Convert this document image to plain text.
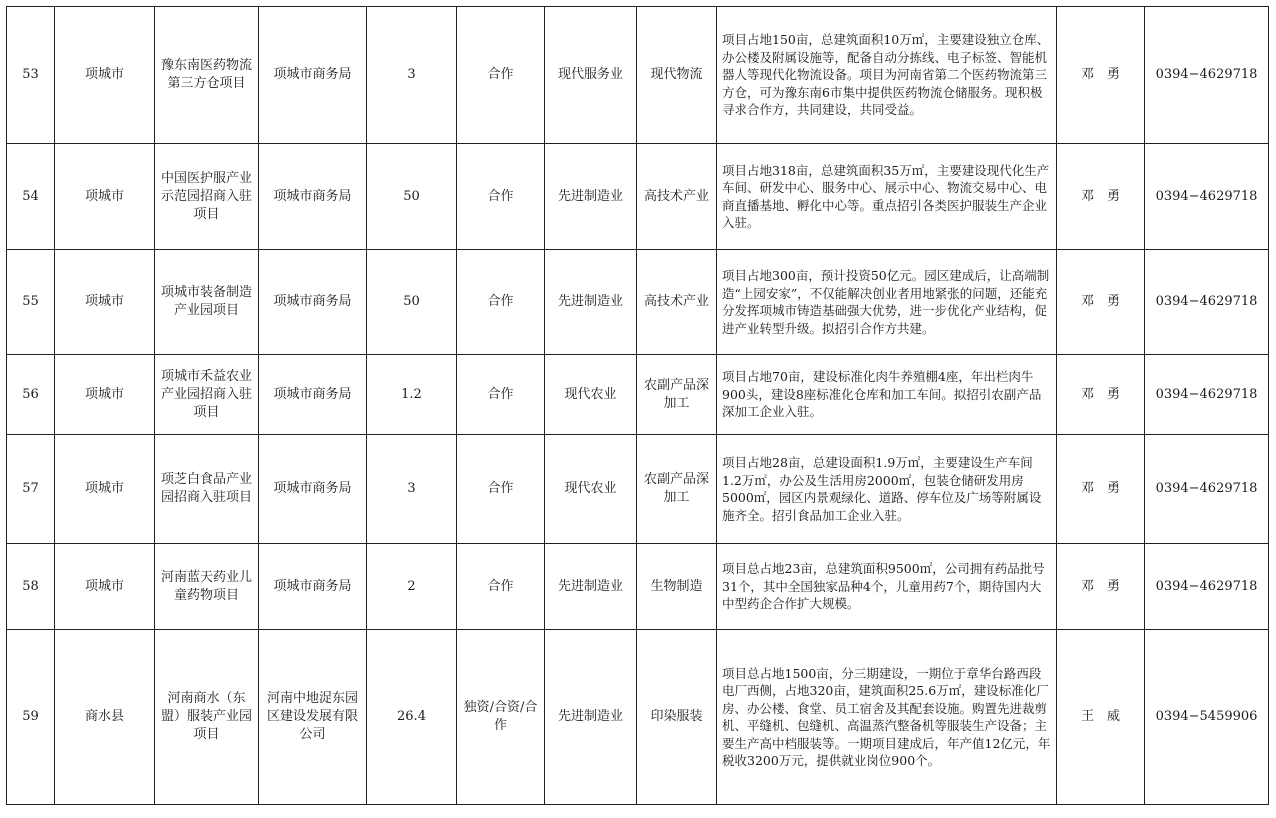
53	项城市	豫东南医药物流第三方仓项目	项城市商务局	3	合作	现代服务业	现代物流	项目占地150亩，总建筑面积10万㎡，主要建设独立仓库、办公楼及附属设施等，配备自动分拣线、电子标签、智能机器人等现代化物流设备。项目为河南省第二个医药物流第三方仓，可为豫东南6市集中提供医药物流仓储服务。现积极寻求合作方，共同建设，共同受益。	邓　勇	0394−4629718
54	项城市	中国医护服产业示范园招商入驻项目	项城市商务局	50	合作	先进制造业	高技术产业	项目占地318亩，总建筑面积35万㎡，主要建设现代化生产车间、研发中心、服务中心、展示中心、物流交易中心、电商直播基地、孵化中心等。重点招引各类医护服装生产企业入驻。	邓　勇	0394−4629718
55	项城市	项城市装备制造产业园项目	项城市商务局	50	合作	先进制造业	高技术产业	项目占地300亩，预计投资50亿元。园区建成后，让高端制造“上园安家”，不仅能解决创业者用地紧张的问题，还能充分发挥项城市铸造基础强大优势，进一步优化产业结构，促进产业转型升级。拟招引合作方共建。	邓　勇	0394−4629718
56	项城市	项城市禾益农业产业园招商入驻项目	项城市商务局	1.2	合作	现代农业	农副产品深加工	项目占地70亩，建设标准化肉牛养殖棚4座，年出栏肉牛900头，建设8座标准化仓库和加工车间。拟招引农副产品深加工企业入驻。	邓　勇	0394−4629718
57	项城市	项芝白食品产业园招商入驻项目	项城市商务局	3	合作	现代农业	农副产品深加工	项目占地28亩，总建设面积1.9万㎡，主要建设生产车间1.2万㎡，办公及生活用房2000㎡，包装仓储研发用房5000㎡，园区内景观绿化、道路、停车位及广场等附属设施齐全。招引食品加工企业入驻。	邓　勇	0394−4629718
58	项城市	河南蓝天药业儿童药物项目	项城市商务局	2	合作	先进制造业	生物制造	项目总占地23亩，总建筑面积9500㎡，公司拥有药品批号31个，其中全国独家品种4个，儿童用药7个，期待国内大中型药企合作扩大规模。	邓　勇	0394−4629718
59	商水县	河南商水（东盟）服装产业园项目	河南中地浞东园区建设发展有限公司	26.4	独资/合资/合作	先进制造业	印染服装	项目总占地1500亩，分三期建设，一期位于章华台路西段电厂西侧，占地320亩，建筑面积25.6万㎡，建设标准化厂房、办公楼、食堂、员工宿舍及其配套设施。购置先进裁剪机、平缝机、包缝机、高温蒸汽整备机等服装生产设备；主要生产高中档服装等。一期项目建成后，年产值12亿元，年税收3200万元，提供就业岗位900个。	王　威	0394−5459906
